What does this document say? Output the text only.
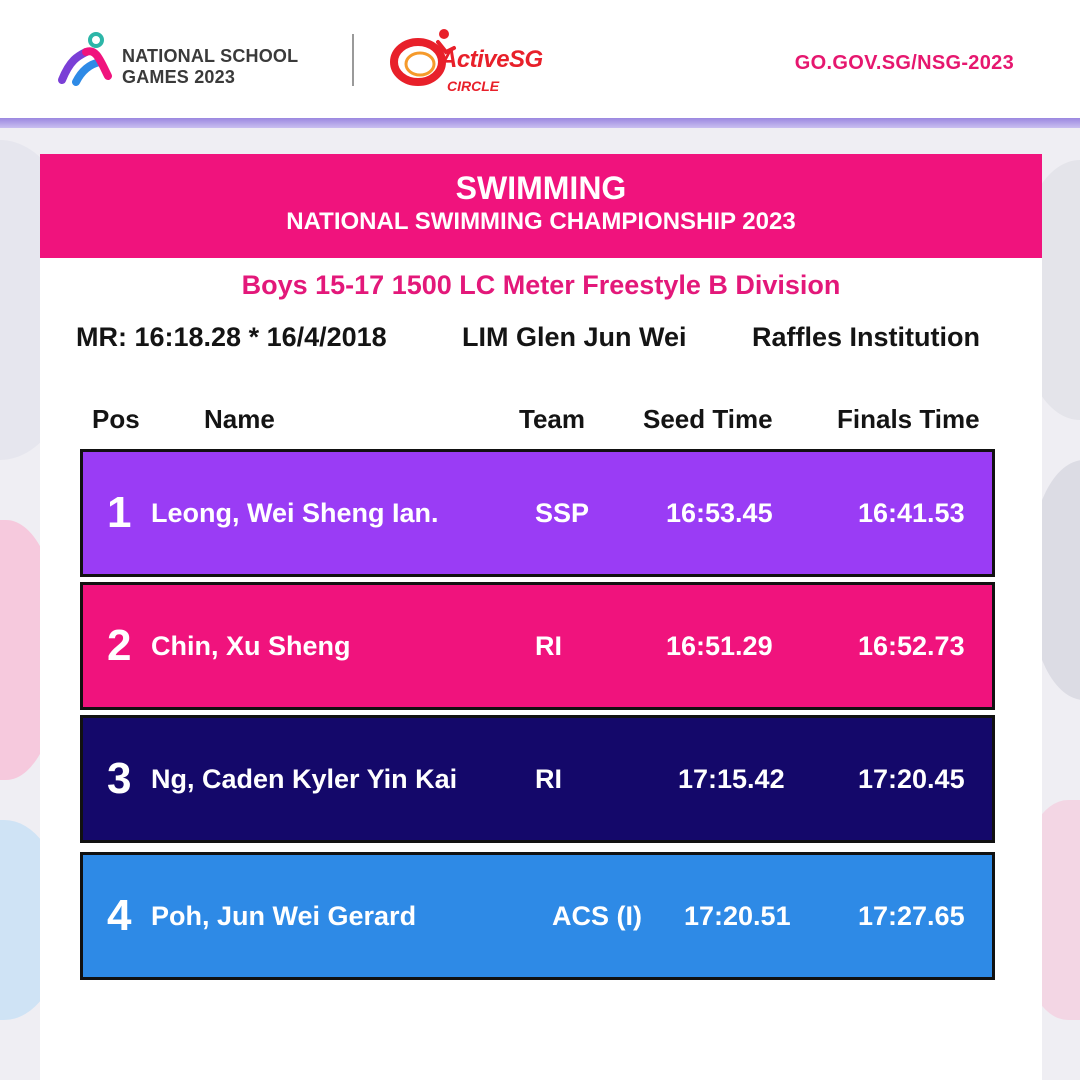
NATIONAL SCHOOL
GAMES 2023
ActiveSG
CIRCLE
GO.GOV.SG/NSG-2023
SWIMMING
NATIONAL SWIMMING CHAMPIONSHIP 2023
Boys 15-17 1500 LC Meter Freestyle B Division
MR: 16:18.28 * 16/4/2018	LIM Glen Jun Wei Raffles Institution
Pos Name	Team Seed Time Finals Time
1 Leong, Wei Sheng Ian.	SSP	16:53.45	16:41.53
2 Chin, Xu Sheng	RI	16:51.29	16:52.73
3 Ng, Caden Kyler Yin Kai	RI	17:15.42	17:20.45
4 Poh, Jun Wei Gerard	ACS (I) 17:20.51 17:27.65
